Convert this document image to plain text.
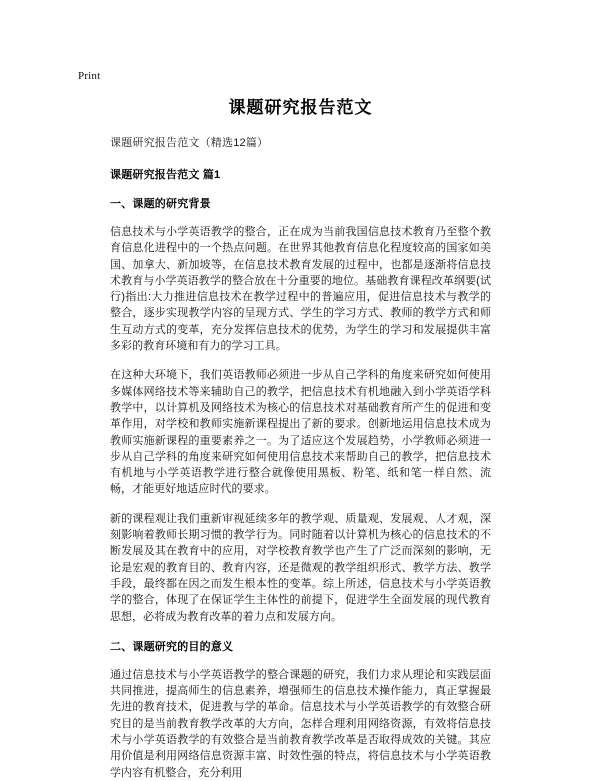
Print
课题研究报告范文

课题研究报告范文（精选12篇）

课题研究报告范文 篇1

一、课题的研究背景

信息技术与小学英语教学的整合，正在成为当前我国信息技术教育乃至整个教育信息化进程中的一个热点问题。在世界其他教育信息化程度较高的国家如美国、加拿大、新加坡等，在信息技术教育发展的过程中，也都是逐渐将信息技术教育与小学英语教学的整合放在十分重要的地位。基础教育课程改革纲要(试行)指出:大力推进信息技术在教学过程中的普遍应用，促进信息技术与教学的整合，逐步实现教学内容的呈现方式、学生的学习方式、教师的教学方式和师生互动方式的变革，充分发挥信息技术的优势，为学生的学习和发展提供丰富多彩的教育环境和有力的学习工具。

在这种大环境下，我们英语教师必须进一步从自己学科的角度来研究如何使用多媒体网络技术等来辅助自己的教学，把信息技术有机地融入到小学英语学科教学中，以计算机及网络技术为核心的信息技术对基础教育所产生的促进和变革作用，对学校和教师实施新课程提出了新的要求。创新地运用信息技术成为教师实施新课程的重要素养之一。为了适应这个发展趋势，小学教师必须进一步从自己学科的角度来研究如何使用信息技术来帮助自己的教学，把信息技术有机地与小学英语教学进行整合就像使用黑板、粉笔、纸和笔一样自然、流畅，才能更好地适应时代的要求。

新的课程观让我们重新审视延续多年的教学观、质量观、发展观、人才观，深刻影响着教师长期习惯的教学行为。同时随着以计算机为核心的信息技术的不断发展及其在教育中的应用，对学校教育教学也产生了广泛而深刻的影响，无论是宏观的教育目的、教育内容，还是微观的教学组织形式、教学方法、教学手段，最终都在因之而发生根本性的变革。综上所述，信息技术与小学英语教学的整合，体现了在保证学生主体性的前提下，促进学生全面发展的现代教育思想，必将成为教育改革的着力点和发展方向。

二、课题研究的目的意义

通过信息技术与小学英语教学的整合课题的研究，我们力求从理论和实践层面共同推进，提高师生的信息素养，增强师生的信息技术操作能力，真正掌握最先进的教育技术，促进教与学的革命。信息技术与小学英语教学的有效整合研究目的是当前教育教学改革的大方向，怎样合理利用网络资源，有效将信息技术与小学英语教学的有效整合是当前教育教学改革是否取得成效的关键。其应用价值是利用网络信息资源丰富、时效性强的特点，将信息技术与小学英语教学内容有机整合，充分利用
